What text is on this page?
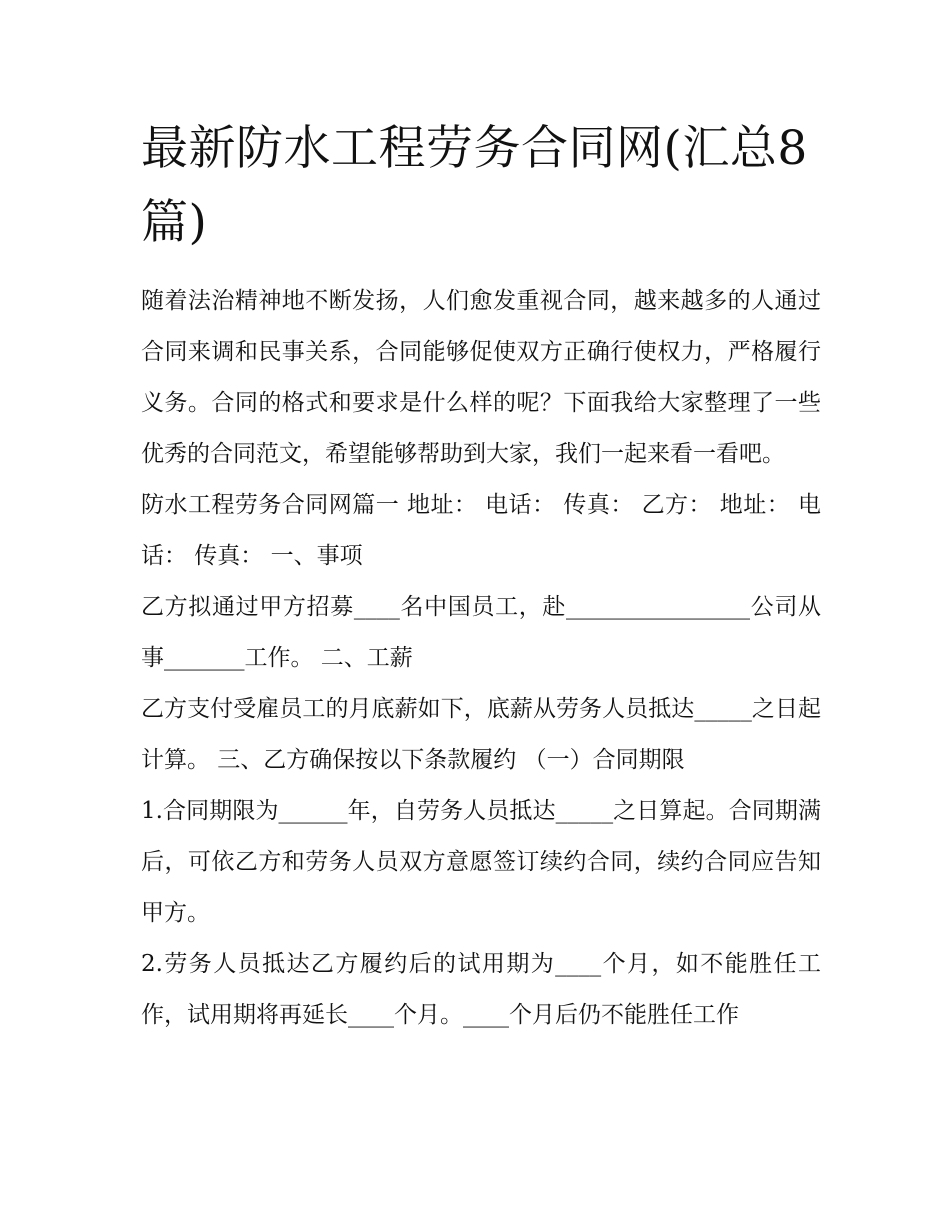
最新防水工程劳务合同网(汇总8篇)

随着法治精神地不断发扬，人们愈发重视合同，越来越多的人通过合同来调和民事关系，合同能够促使双方正确行使权力，严格履行义务。合同的格式和要求是什么样的呢？下面我给大家整理了一些优秀的合同范文，希望能够帮助到大家，我们一起来看一看吧。

防水工程劳务合同网篇一 地址： 电话： 传真： 乙方： 地址： 电话： 传真： 一、事项

乙方拟通过甲方招募____名中国员工，赴________________公司从事_______工作。 二、工薪

乙方支付受雇员工的月底薪如下，底薪从劳务人员抵达_____之日起计算。 三、乙方确保按以下条款履约 （一）合同期限

1.合同期限为______年，自劳务人员抵达_____之日算起。合同期满后，可依乙方和劳务人员双方意愿签订续约合同，续约合同应告知甲方。

2.劳务人员抵达乙方履约后的试用期为____个月，如不能胜任工作，试用期将再延长____个月。____个月后仍不能胜任工作
